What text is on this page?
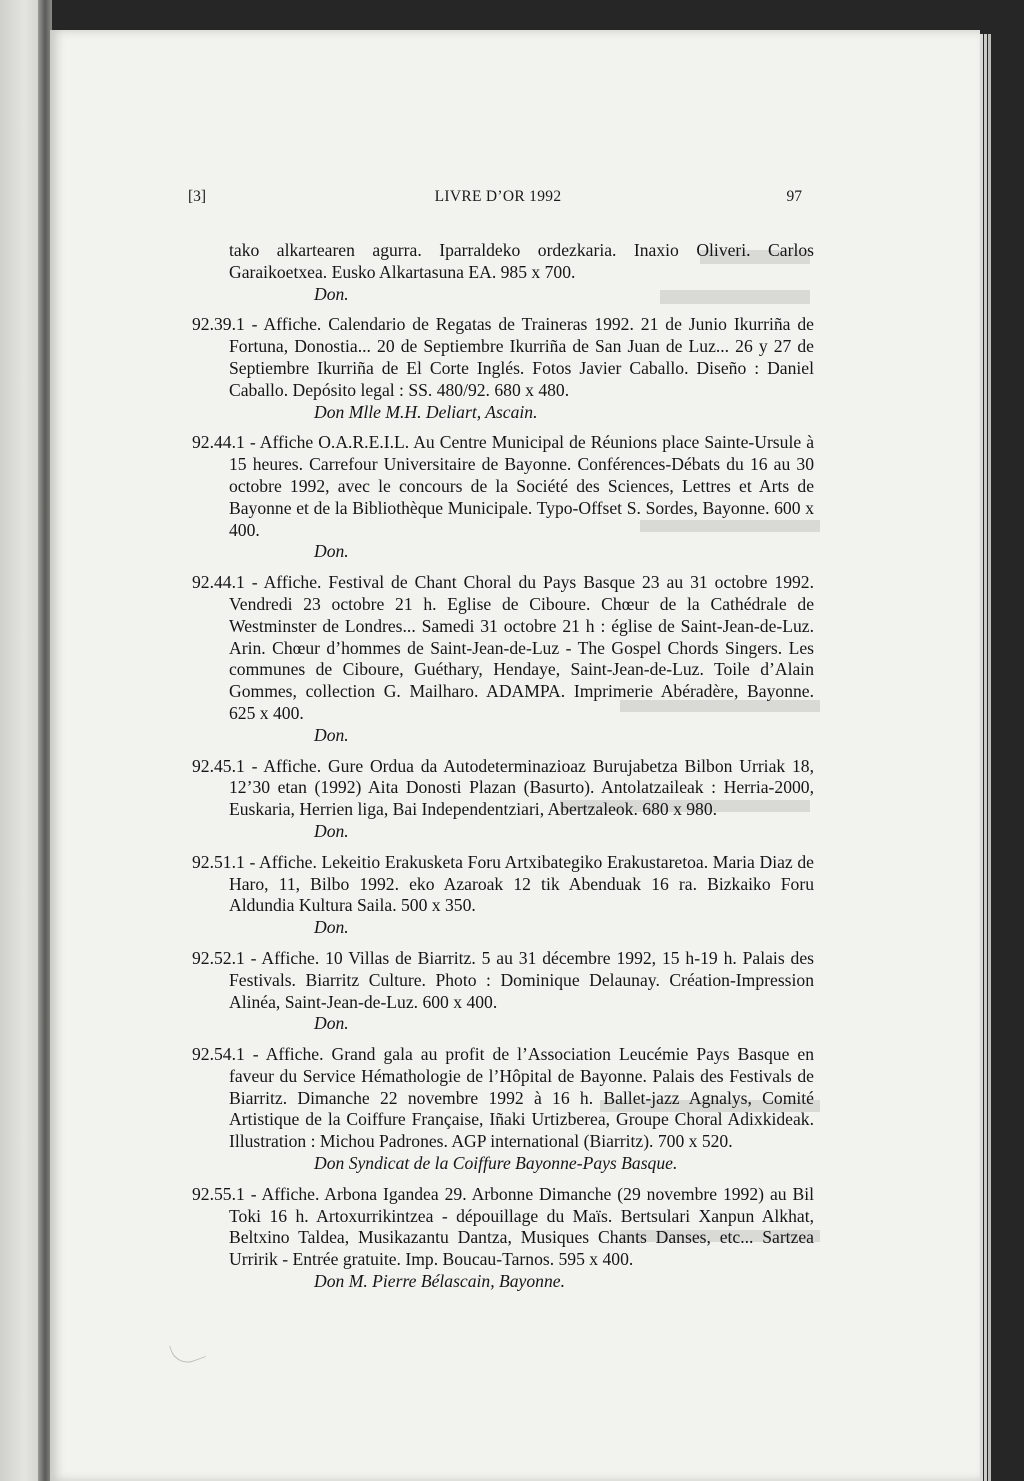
[3]	LIVRE D’OR 1992	97
tako alkartearen agurra. Iparraldeko ordezkaria. Inaxio Oliveri. Carlos Garaikoetxea. Eusko Alkartasuna EA. 985 x 700.
Don.
92.39.1 - Affiche. Calendario de Regatas de Traineras 1992. 21 de Junio Ikurriña de Fortuna, Donostia... 20 de Septiembre Ikurriña de San Juan de Luz... 26 y 27 de Septiembre Ikurriña de El Corte Inglés. Fotos Javier Caballo. Diseño : Daniel Caballo. Depósito legal : SS. 480/92. 680 x 480.
Don Mlle M.H. Deliart, Ascain.
92.44.1 - Affiche O.A.R.E.I.L. Au Centre Municipal de Réunions place Sainte-Ursule à 15 heures. Carrefour Universitaire de Bayonne. Conférences-Débats du 16 au 30 octobre 1992, avec le concours de la Société des Sciences, Lettres et Arts de Bayonne et de la Bibliothèque Municipale. Typo-Offset S. Sordes, Bayonne. 600 x 400.
Don.
92.44.1 - Affiche. Festival de Chant Choral du Pays Basque 23 au 31 octobre 1992. Vendredi 23 octobre 21 h. Eglise de Ciboure. Chœur de la Cathédrale de Westminster de Londres... Samedi 31 octobre 21 h : église de Saint-Jean-de-Luz. Arin. Chœur d’hommes de Saint-Jean-de-Luz - The Gospel Chords Singers. Les communes de Ciboure, Guéthary, Hendaye, Saint-Jean-de-Luz. Toile d’Alain Gommes, collection G. Mailharo. ADAMPA. Imprimerie Abéradère, Bayonne. 625 x 400.
Don.
92.45.1 - Affiche. Gure Ordua da Autodeterminazioaz Burujabetza Bilbon Urriak 18, 12’30 etan (1992) Aita Donosti Plazan (Basurto). Antolatzaileak : Herria-2000, Euskaria, Herrien liga, Bai Independentziari, Abertzaleok. 680 x 980.
Don.
92.51.1 - Affiche. Lekeitio Erakusketa Foru Artxibategiko Erakustaretoa. Maria Diaz de Haro, 11, Bilbo 1992. eko Azaroak 12 tik Abenduak 16 ra. Bizkaiko Foru Aldundia Kultura Saila. 500 x 350.
Don.
92.52.1 - Affiche. 10 Villas de Biarritz. 5 au 31 décembre 1992, 15 h-19 h. Palais des Festivals. Biarritz Culture. Photo : Dominique Delaunay. Création-Impression Alinéa, Saint-Jean-de-Luz. 600 x 400.
Don.
92.54.1 - Affiche. Grand gala au profit de l’Association Leucémie Pays Basque en faveur du Service Hémathologie de l’Hôpital de Bayonne. Palais des Festivals de Biarritz. Dimanche 22 novembre 1992 à 16 h. Ballet-jazz Agnalys, Comité Artistique de la Coiffure Française, Iñaki Urtizberea, Groupe Choral Adixkideak. Illustration : Michou Padrones. AGP international (Biarritz). 700 x 520.
Don Syndicat de la Coiffure Bayonne-Pays Basque.
92.55.1 - Affiche. Arbona Igandea 29. Arbonne Dimanche (29 novembre 1992) au Bil Toki 16 h. Artoxurrikintzea - dépouillage du Maïs. Bertsulari Xanpun Alkhat, Beltxino Taldea, Musikazantu Dantza, Musiques Chants Danses, etc... Sartzea Urririk - Entrée gratuite. Imp. Boucau-Tarnos. 595 x 400.
Don M. Pierre Bélascain, Bayonne.
